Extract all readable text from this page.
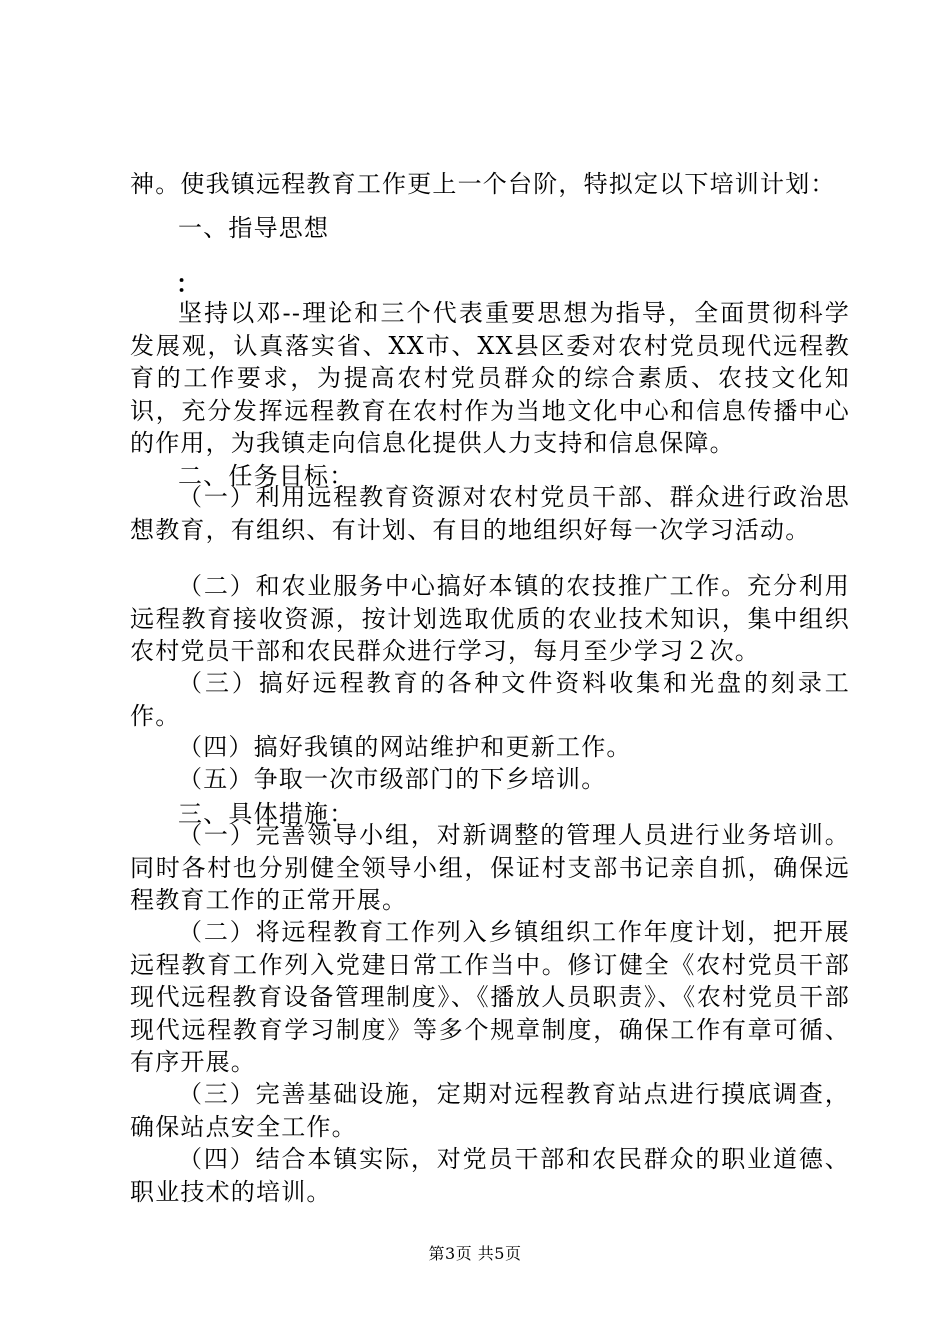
神。使我镇远程教育工作更上一个台阶，特拟定以下培训计划：

一、指导思想

：

坚持以邓--理论和三个代表重要思想为指导，全面贯彻科学发展观，认真落实省、XX市、XX县区委对农村党员现代远程教育的工作要求，为提高农村党员群众的综合素质、农技文化知识，充分发挥远程教育在农村作为当地文化中心和信息传播中心的作用，为我镇走向信息化提供人力支持和信息保障。

二、任务目标：

（一）利用远程教育资源对农村党员干部、群众进行政治思想教育，有组织、有计划、有目的地组织好每一次学习活动。

（二）和农业服务中心搞好本镇的农技推广工作。充分利用远程教育接收资源，按计划选取优质的农业技术知识，集中组织农村党员干部和农民群众进行学习，每月至少学习２次。

（三）搞好远程教育的各种文件资料收集和光盘的刻录工作。

（四）搞好我镇的网站维护和更新工作。

（五）争取一次市级部门的下乡培训。

三、具体措施：

（一）完善领导小组，对新调整的管理人员进行业务培训。同时各村也分别健全领导小组，保证村支部书记亲自抓，确保远程教育工作的正常开展。

（二）将远程教育工作列入乡镇组织工作年度计划，把开展远程教育工作列入党建日常工作当中。修订健全《农村党员干部现代远程教育设备管理制度》、《播放人员职责》、《农村党员干部现代远程教育学习制度》等多个规章制度，确保工作有章可循、有序开展。

（三）完善基础设施，定期对远程教育站点进行摸底调查，确保站点安全工作。

（四）结合本镇实际，对党员干部和农民群众的职业道德、职业技术的培训。

第3页 共5页
